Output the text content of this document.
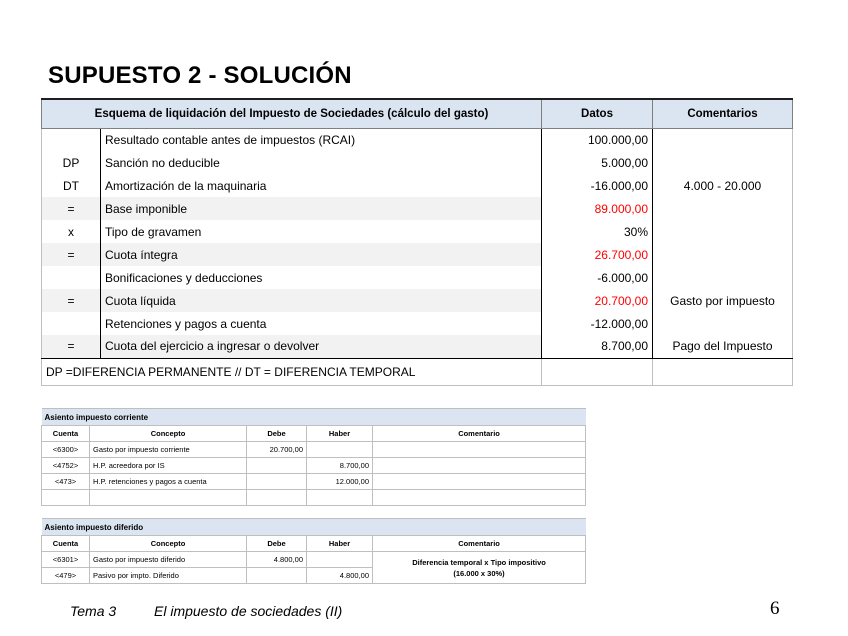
SUPUESTO 2 - SOLUCIÓN
Esquema de liquidación del Impuesto de Sociedades (cálculo del gasto)		Datos	Comentarios
	Resultado contable antes de impuestos (RCAI)	100.000,00	
DP	Sanción no deducible	5.000,00	
DT	Amortización de la maquinaria	-16.000,00	4.000 - 20.000
=	Base imponible	89.000,00	
x	Tipo de gravamen	30%	
=	Cuota íntegra	26.700,00	
	Bonificaciones y deducciones	-6.000,00	
=	Cuota líquida	20.700,00	Gasto por impuesto
	Retenciones y pagos a cuenta	-12.000,00	
=	Cuota del ejercicio a ingresar o devolver	8.700,00	Pago del Impuesto
DP =DIFERENCIA PERMANENTE // DT = DIFERENCIA TEMPORAL			
Asiento impuesto corriente				
Cuenta	Concepto	Debe	Haber	Comentario
<6300>	Gasto por impuesto corriente	20.700,00		
<4752>	H.P. acreedora por IS		8.700,00	
<473>	H.P. retenciones y pagos a cuenta		12.000,00	

Asiento impuesto diferido				
Cuenta	Concepto	Debe	Haber	Comentario
<6301>	Gasto por impuesto diferido	4.800,00		Diferencia temporal x Tipo impositivo
(16.000 x 30%)

<479>	Pasivo por impto. Diferido		4.800,00	
Tema 3	El impuesto de sociedades (II)	6
